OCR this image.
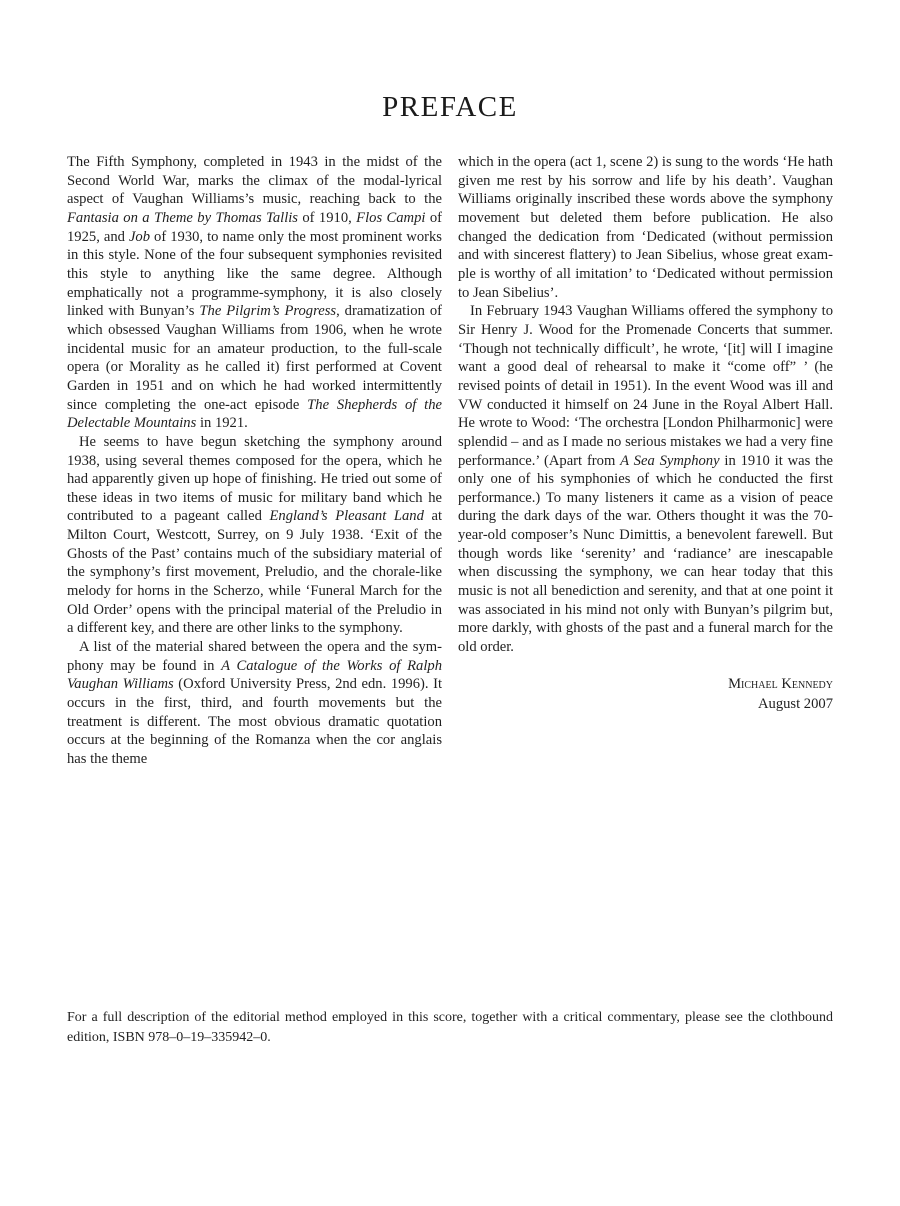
PREFACE

The Fifth Symphony, completed in 1943 in the midst of the Second World War, marks the climax of the modal-lyrical aspect of Vaughan Williams’s music, reaching back to the Fantasia on a Theme by Thomas Tallis of 1910, Flos Campi of 1925, and Job of 1930, to name only the most prominent works in this style. None of the four subsequent symphonies revisited this style to anything like the same degree. Although emphatically not a programme-symphony, it is also closely linked with Bunyan’s The Pilgrim’s Progress, dramatization of which obsessed Vaughan Williams from 1906, when he wrote incidental music for an amateur production, to the full-scale opera (or Morality as he called it) first performed at Covent Garden in 1951 and on which he had worked intermittently since completing the one-act episode The Shepherds of the Delectable Mountains in 1921.

He seems to have begun sketching the symphony around 1938, using several themes composed for the opera, which he had apparently given up hope of finishing. He tried out some of these ideas in two items of music for military band which he contributed to a pageant called England’s Pleasant Land at Milton Court, Westcott, Surrey, on 9 July 1938. ‘Exit of the Ghosts of the Past’ contains much of the subsidiary material of the symphony’s first movement, Preludio, and the chorale-like melody for horns in the Scherzo, while ‘Funeral March for the Old Order’ opens with the principal material of the Preludio in a different key, and there are other links to the symphony.

A list of the material shared between the opera and the symphony may be found in A Catalogue of the Works of Ralph Vaughan Williams (Oxford University Press, 2nd edn. 1996). It occurs in the first, third, and fourth movements but the treatment is different. The most obvious dramatic quotation occurs at the beginning of the Romanza when the cor anglais has the theme

which in the opera (act 1, scene 2) is sung to the words ‘He hath given me rest by his sorrow and life by his death’. Vaughan Williams originally inscribed these words above the symphony movement but deleted them before publication. He also changed the dedication from ‘Dedicated (without permission and with sincerest flattery) to Jean Sibelius, whose great example is worthy of all imitation’ to ‘Dedicated without permission to Jean Sibelius’.

In February 1943 Vaughan Williams offered the symphony to Sir Henry J. Wood for the Promenade Concerts that summer. ‘Though not technically difficult’, he wrote, ‘[it] will I imagine want a good deal of rehearsal to make it “come off” ’ (he revised points of detail in 1951). In the event Wood was ill and VW conducted it himself on 24 June in the Royal Albert Hall. He wrote to Wood: ‘The orchestra [London Philharmonic] were splendid – and as I made no serious mistakes we had a very fine performance.’ (Apart from A Sea Symphony in 1910 it was the only one of his symphonies of which he conducted the first performance.) To many listeners it came as a vision of peace during the dark days of the war. Others thought it was the 70-year-old composer’s Nunc Dimittis, a benevolent farewell. But though words like ‘serenity’ and ‘radiance’ are inescapable when discussing the symphony, we can hear today that this music is not all benediction and serenity, and that at one point it was associated in his mind not only with Bunyan’s pilgrim but, more darkly, with ghosts of the past and a funeral march for the old order.

Michael Kennedy
August 2007

For a full description of the editorial method employed in this score, together with a critical commentary, please see the clothbound edition, ISBN 978–0–19–335942–0.
